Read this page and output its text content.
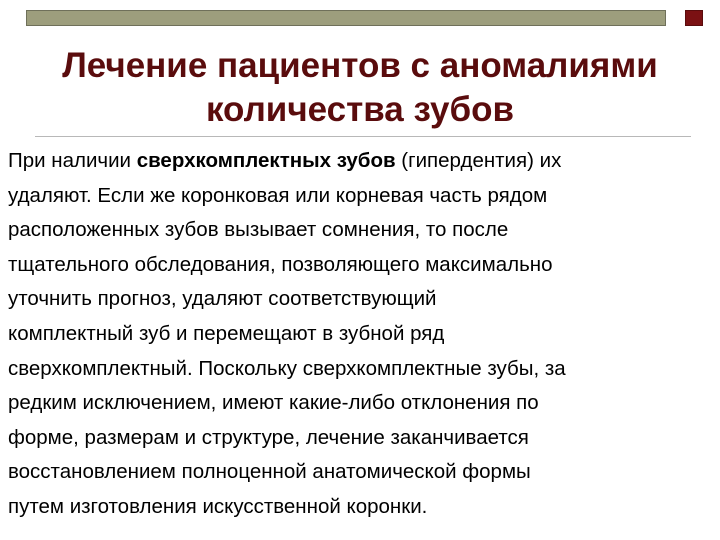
Лечение пациентов с аномалиями
количества зубов
При наличии сверхкомплектных зубов (гипердентия) их
удаляют. Если же коронковая или корневая часть рядом
расположенных зубов вызывает сомнения, то после
тщательного обследования, позволяющего максимально
уточнить прогноз, удаляют соответствующий
комплектный зуб и перемещают в зубной ряд
сверхкомплектный. Поскольку сверхкомплектные зубы, за
редким исключением, имеют какие-либо отклонения по
форме, размерам и структуре, лечение заканчивается
восстановлением полноценной анатомической формы
путем изготовления искусственной коронки.
